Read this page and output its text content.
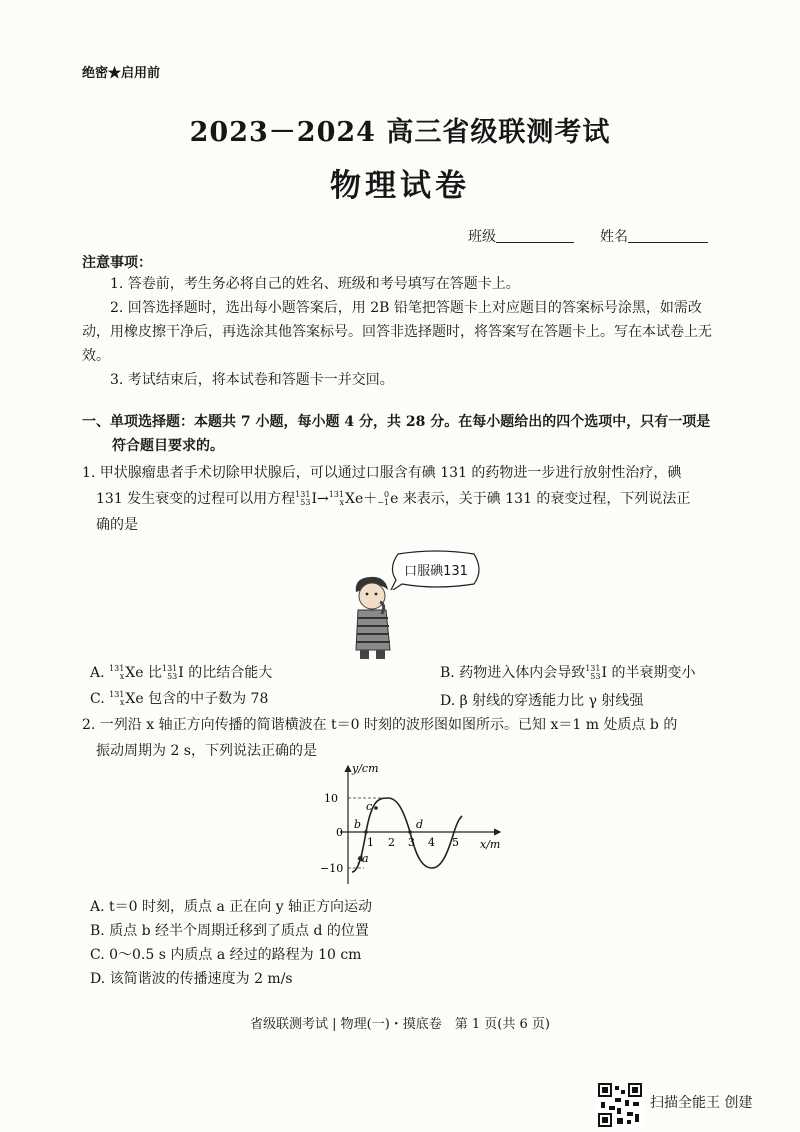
绝密★启用前
2023－2024 高三省级联测考试
物理试卷
班级	姓名
注意事项：
1. 答卷前，考生务必将自己的姓名、班级和考号填写在答题卡上。
2. 回答选择题时，选出每小题答案后，用 2B 铅笔把答题卡上对应题目的答案标号涂黑，如需改动，用橡皮擦干净后，再选涂其他答案标号。回答非选择题时，将答案写在答题卡上。写在本试卷上无效。
3. 考试结束后，将本试卷和答题卡一并交回。
一、单项选择题：本题共 7 小题，每小题 4 分，共 28 分。在每小题给出的四个选项中，只有一项是
符合题目要求的。
1. 甲状腺瘤患者手术切除甲状腺后，可以通过口服含有碘 131 的药物进一步进行放射性治疗，碘
131 发生衰变的过程可以用方程 131
53 I→ 131
x Xe＋ 0
−1 e 来表示，关于碘 131 的衰变过程，下列说法正
确的是
口服碘131
A. 131
x Xe 比 131
53 I 的比结合能大	B. 药物进入体内会导致 131
53 I 的半衰期变小
C. 131
x Xe 包含的中子数为 78	D. β 射线的穿透能力比 γ 射线强
2. 一列沿 x 轴正方向传播的简谐横波在 t＝0 时刻的波形图如图所示。已知 x＝1 m 处质点 b 的
振动周期为 2 s，下列说法正确的是
y/cm
x/m
0
10
−10
1 2 3 4 5
a
b
c
d
A. t＝0 时刻，质点 a 正在向 y 轴正方向运动
B. 质点 b 经半个周期迁移到了质点 d 的位置
C. 0～0.5 s 内质点 a 经过的路程为 10 cm
D. 该简谐波的传播速度为 2 m/s
省级联测考试 | 物理(一)・摸底卷　第 1 页(共 6 页)
扫描全能王 创建
